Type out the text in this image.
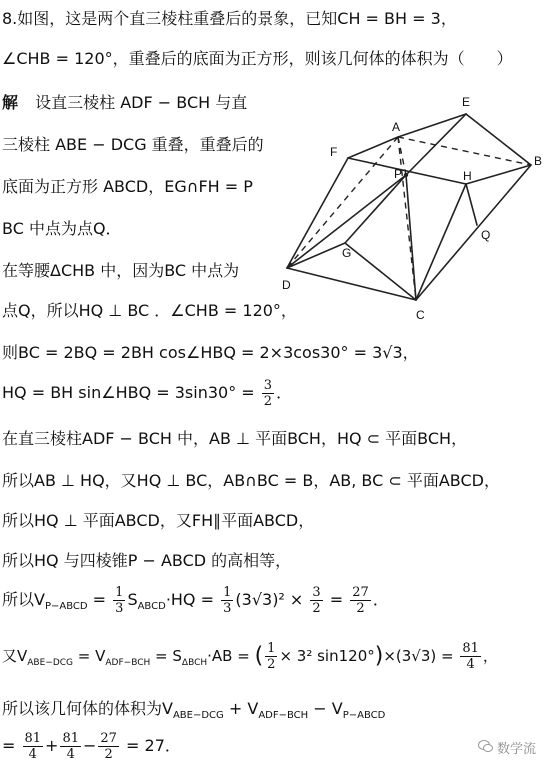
8.如图，这是两个直三棱柱重叠后的景象，已知CH = BH = 3，
∠CHB = 120°，重叠后的底面为正方形，则该几何体的体积为（　　）
解 设直三棱柱 ADF − BCH 与直
三棱柱 ABE − DCG 重叠，重叠后的
底面为正方形 ABCD，EG∩FH = P
BC 中点为点Q．
在等腰ΔCHB 中，因为BC 中点为
点Q，所以HQ ⊥ BC ．∠CHB = 120°，
则BC = 2BQ = 2BH cos∠HBQ = 2×3cos30° = 3√3，
HQ = BH sin∠HBQ = $3\sin 30^\circ = \frac{3}{2}$ ．
在直三棱柱ADF − BCH 中，AB ⊥ 平面BCH，HQ ⊂ 平面BCH，
所以AB ⊥ HQ，又HQ ⊥ BC，AB∩BC = B，AB, BC ⊂ 平面ABCD，
所以HQ ⊥ 平面ABCD，又FH∥平面ABCD，
所以HQ 与四棱锥P − ABCD 的高相等，
所以$V_{P-ABCD} = \frac{1}{3} S_{ABCD}\cdot HQ = \frac{1}{3} (3√3)^2 \times \frac{3}{2} = \frac{27}{2}$ ．
又$V_{ABE-DCG} = V_{ADF-BCH} = S_{\Delta BCH}\cdot AB$ = ( $\frac{1}{2} \times 3^2$ $\sin 120^\circ)\times(3√3) = \frac{81}{4}$ ，
所以该几何体的体积为$V_{ABE-DCG} + V_{ADF-BCH} - V_{P-ABCD}$
= $\frac{81}{4} + \frac{81}{4} - \frac{27}{2} = 27$．
A
B
C
D
E
F
G
H
P
Q
数学流
